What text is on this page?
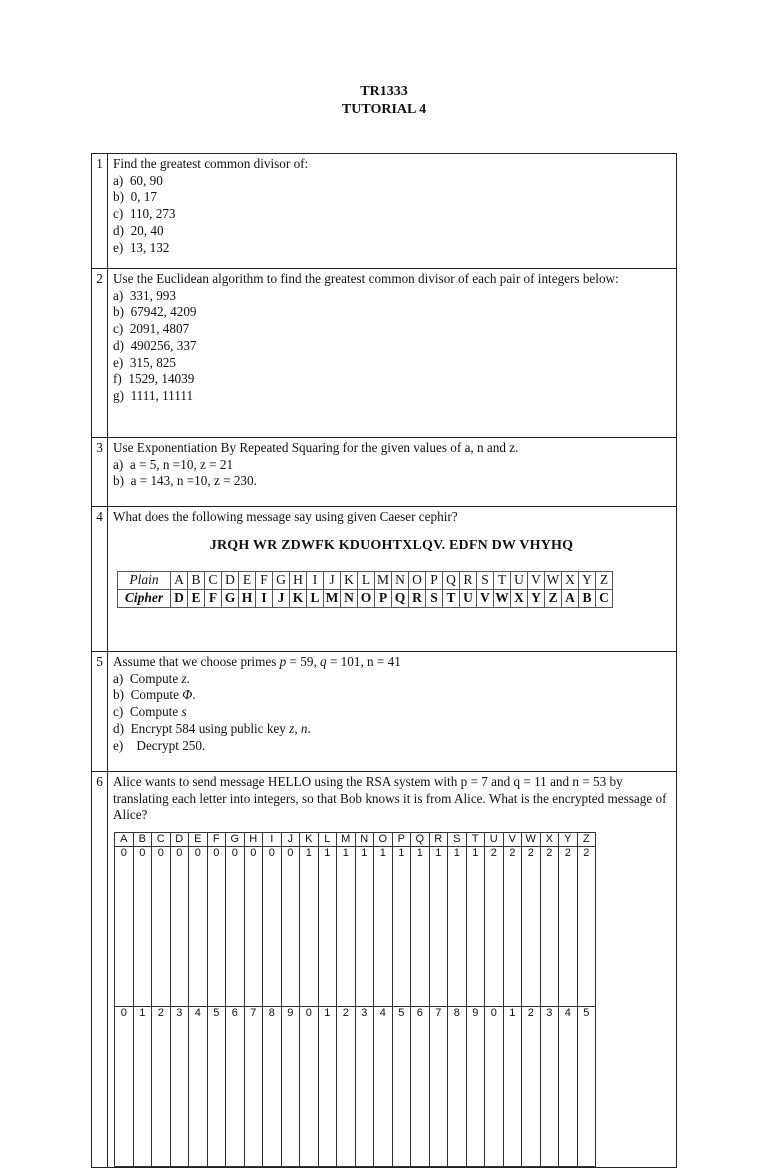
TR1333
TUTORIAL 4
1	Find the greatest common divisor of:
a)  60, 90
b)  0, 17
c)  110, 273
d)  20, 40
e)  13, 132

2	Use the Euclidean algorithm to find the greatest common divisor of each pair of integers below:
a)  331, 993
b)  67942, 4209
c)  2091, 4807
d)  490256, 337
e)  315, 825
f)  1529, 14039
g)  1111, 11111

3	Use Exponentiation By Repeated Squaring for the given values of a, n and z.
a)  a = 5, n =10, z = 21
b)  a = 143, n =10, z = 230.

4	What does the following message say using given Caeser cephir?
JRQH WR ZDWFK KDUOHTXLQV. EDFN DW VHYHQ
Plain	A	B	C	D	E	F	G	H	I	J	K	L	M	N	O	P	Q	R	S	T	U	V	W	X	Y	Z
Cipher	D	E	F	G	H	I	J	K	L	M	N	O	P	Q	R	S	T	U	V	W	X	Y	Z	A	B	C

5	Assume that we choose primes p = 59, q = 101, n = 41
a)  Compute z.
b)  Compute Φ.
c)  Compute s
d)  Encrypt 584 using public key z, n.
e)    Decrypt 250.

6	Alice wants to send message HELLO using the RSA system with p = 7 and q = 11 and n = 53 by translating each letter into integers, so that Bob knows it is from Alice. What is the encrypted message of Alice?
A	B	C	D	E	F	G	H	I	J	K	L	M	N	O	P	Q	R	S	T	U	V	W	X	Y	Z
0	0	0	0	0	0	0	0	0	0	1	1	1	1	1	1	1	1	1	1	2	2	2	2	2	2
0	1	2	3	4	5	6	7	8	9	0	1	2	3	4	5	6	7	8	9	0	1	2	3	4	5
